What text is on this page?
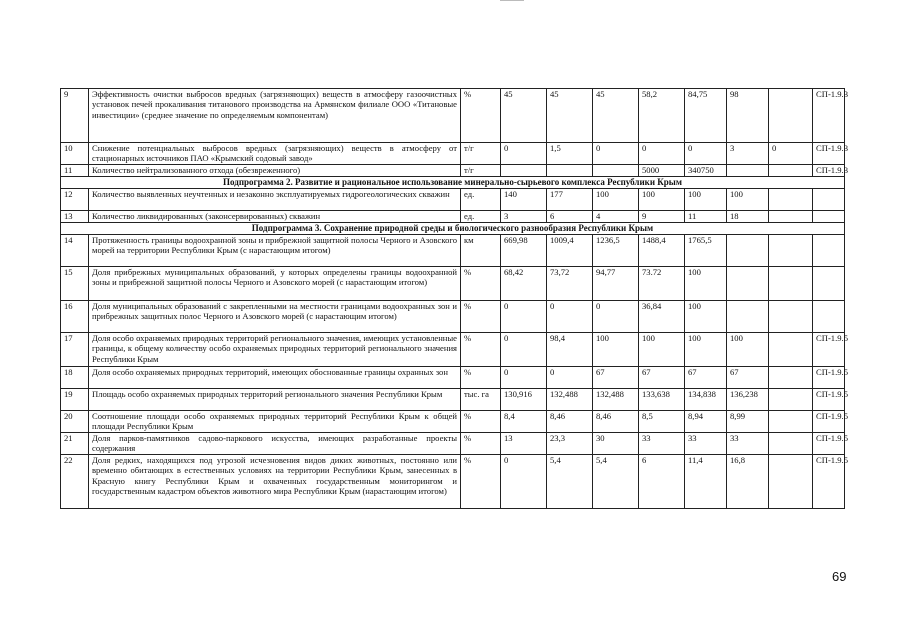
9	Эффективность очистки выбросов вредных (загрязняющих) веществ в атмосферу газоочистных установок печей прокаливания титанового производства на Армянском филиале ООО «Титановые инвестиции» (среднее значение по определяемым компонентам)	%	45	45	45	58,2	84,75	98		СП-1.9.3
10	Снижение потенциальных выбросов вредных (загрязняющих) веществ в атмосферу от стационарных источников ПАО «Крымский содовый завод»	т/г	0	1,5	0	0	0	3	0	СП-1.9.3
11	Количество нейтрализованного отхода (обезвреженного)	т/г				5000	340750			СП-1.9.3
Подпрограмма 2. Развитие и рациональное использование минерально-сырьевого комплекса Республики Крым										
12	Количество выявленных неучтенных и незаконно эксплуатируемых гидрогеологических скважин	ед.	140	177	100	100	100	100		
13	Количество ликвидированных (законсервированных) скважин	ед.	3	6	4	9	11	18		
Подпрограмма 3. Сохранение природной среды и биологического разнообразия Республики Крым										
14	Протяженность границы водоохранной зоны и прибрежной защитной полосы Черного и Азовского морей на территории Республики Крым (с нарастающим итогом)	км	669,98	1009,4	1236,5	1488,4	1765,5			
15	Доля прибрежных муниципальных образований, у которых определены границы водоохранной зоны и прибрежной защитной полосы Черного и Азовского морей (с нарастающим итогом)	%	68,42	73,72	94,77	73.72	100			
16	Доля муниципальных образований с закрепленными на местности границами водоохранных зон и прибрежных защитных полос Черного и Азовского морей (с нарастающим итогом)	%	0	0	0	36,84	100			
17	Доля особо охраняемых природных территорий регионального значения, имеющих установленные границы, к общему количеству особо охраняемых природных территорий регионального значения Республики Крым	%	0	98,4	100	100	100	100		СП-1.9.5
18	Доля особо охраняемых природных территорий, имеющих обоснованные границы охранных зон	%	0	0	67	67	67	67		СП-1.9.5
19	Площадь особо охраняемых природных территорий регионального значения Республики Крым	тыс. га	130,916	132,488	132,488	133,638	134,838	136,238		СП-1.9.5
20	Соотношение площади особо охраняемых природных территорий Республики Крым к общей площади Республики Крым	%	8,4	8,46	8,46	8,5	8,94	8,99		СП-1.9.5
21	Доля парков-памятников садово-паркового искусства, имеющих разработанные проекты содержания	%	13	23,3	30	33	33	33		СП-1.9.5
22	Доля редких, находящихся под угрозой исчезновения видов диких животных, постоянно или временно обитающих в естественных условиях на территории Республики Крым, занесенных в Красную книгу Республики Крым и охваченных государственным мониторингом и государственным кадастром объектов животного мира Республики Крым (нарастающим итогом)	%	0	5,4	5,4	6	11,4	16,8		СП-1.9.5
69
